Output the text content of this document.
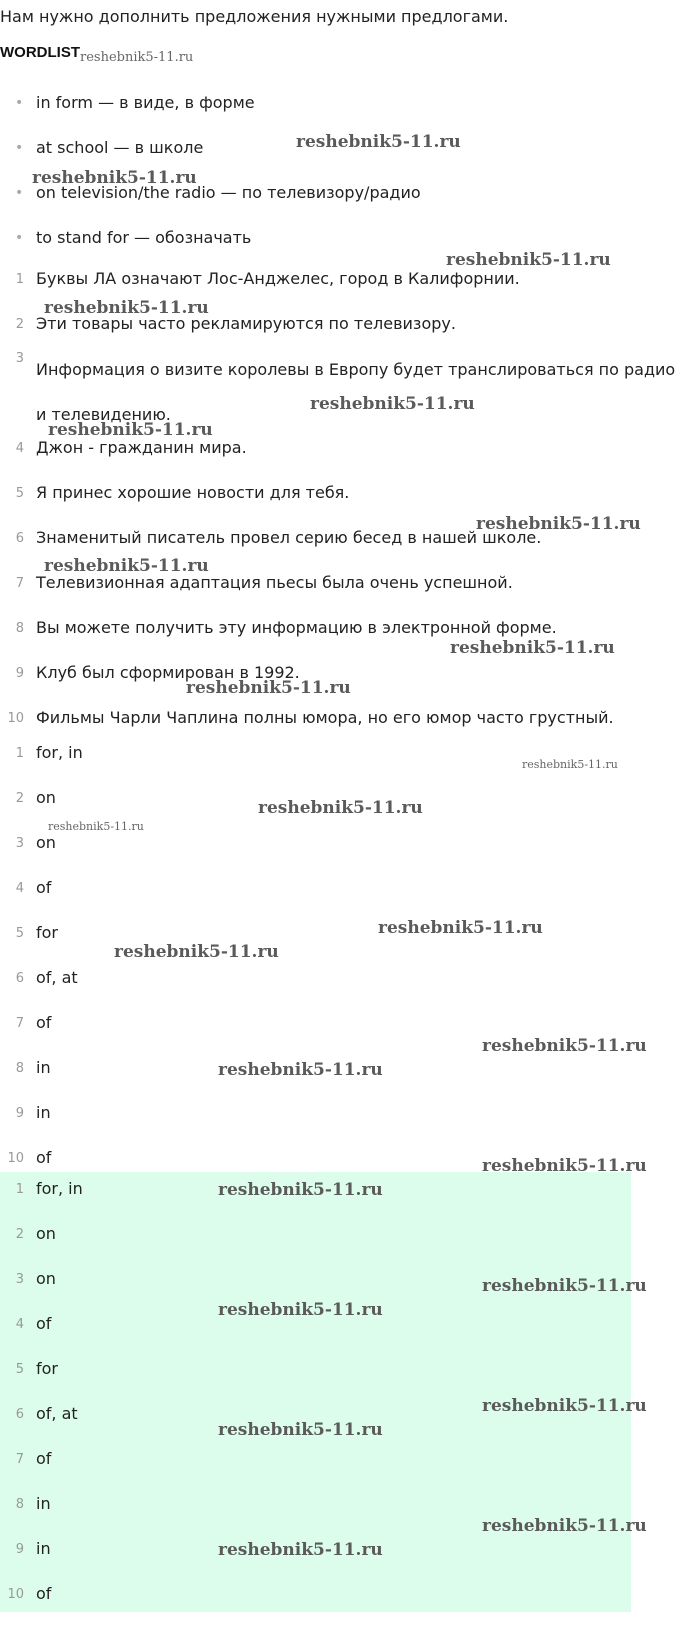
Нам нужно дополнить предложения нужными предлогами.

WORDLISTreshebnik5-11.ru
• in form — в виде, в форме
• at school — в школе
• on television/the radio — по телевизору/радио
• to stand for — обозначать
1 Буквы ЛА означают Лос-Анджелес, город в Калифорнии.
2 Эти товары часто рекламируются по телевизору.
3
Информация о визите королевы в Европу будет транслироваться по радио и телевидению.
4 Джон - гражданин мира.
5 Я принес хорошие новости для тебя.
6 Знаменитый писатель провел серию бесед в нашей школе.
7 Телевизионная адаптация пьесы была очень успешной.
8 Вы можете получить эту информацию в электронной форме.
9 Клуб был сформирован в 1992.
10 Фильмы Чарли Чаплина полны юмора, но его юмор часто грустный.
1 for, in
2 on
3 on
4 of
5 for
6 of, at
7 of
8 in
9 in
10 of
1 for, in
2 on
3 on
4 of
5 for
6 of, at
7 of
8 in
9 in
10 of
reshebnik5-11.ru
reshebnik5-11.ru
reshebnik5-11.ru
reshebnik5-11.ru
reshebnik5-11.ru
reshebnik5-11.ru
reshebnik5-11.ru
reshebnik5-11.ru
reshebnik5-11.ru
reshebnik5-11.ru
reshebnik5-11.ru
reshebnik5-11.ru
reshebnik5-11.ru
reshebnik5-11.ru
reshebnik5-11.ru
reshebnik5-11.ru
reshebnik5-11.ru
reshebnik5-11.ru
reshebnik5-11.ru
reshebnik5-11.ru
reshebnik5-11.ru
reshebnik5-11.ru
reshebnik5-11.ru
reshebnik5-11.ru
reshebnik5-11.ru
